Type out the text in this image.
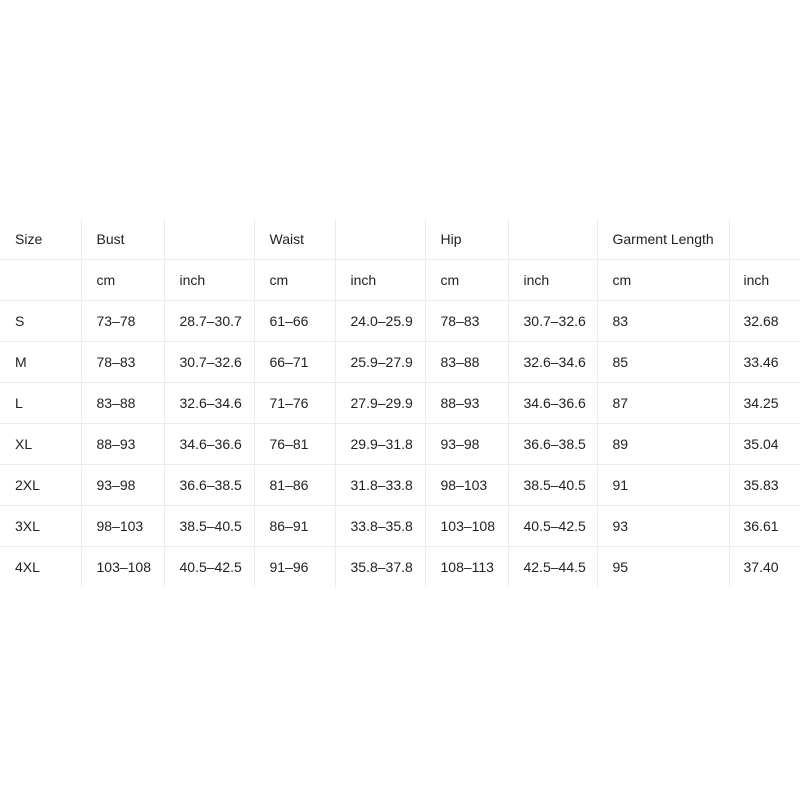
Size	Bust		Waist		Hip		Garment Length	
	cm	inch	cm	inch	cm	inch	cm	inch
S	73–78	28.7–30.7	61–66	24.0–25.9	78–83	30.7–32.6	83	32.68
M	78–83	30.7–32.6	66–71	25.9–27.9	83–88	32.6–34.6	85	33.46
L	83–88	32.6–34.6	71–76	27.9–29.9	88–93	34.6–36.6	87	34.25
XL	88–93	34.6–36.6	76–81	29.9–31.8	93–98	36.6–38.5	89	35.04
2XL	93–98	36.6–38.5	81–86	31.8–33.8	98–103	38.5–40.5	91	35.83
3XL	98–103	38.5–40.5	86–91	33.8–35.8	103–108	40.5–42.5	93	36.61
4XL	103–108	40.5–42.5	91–96	35.8–37.8	108–113	42.5–44.5	95	37.40
